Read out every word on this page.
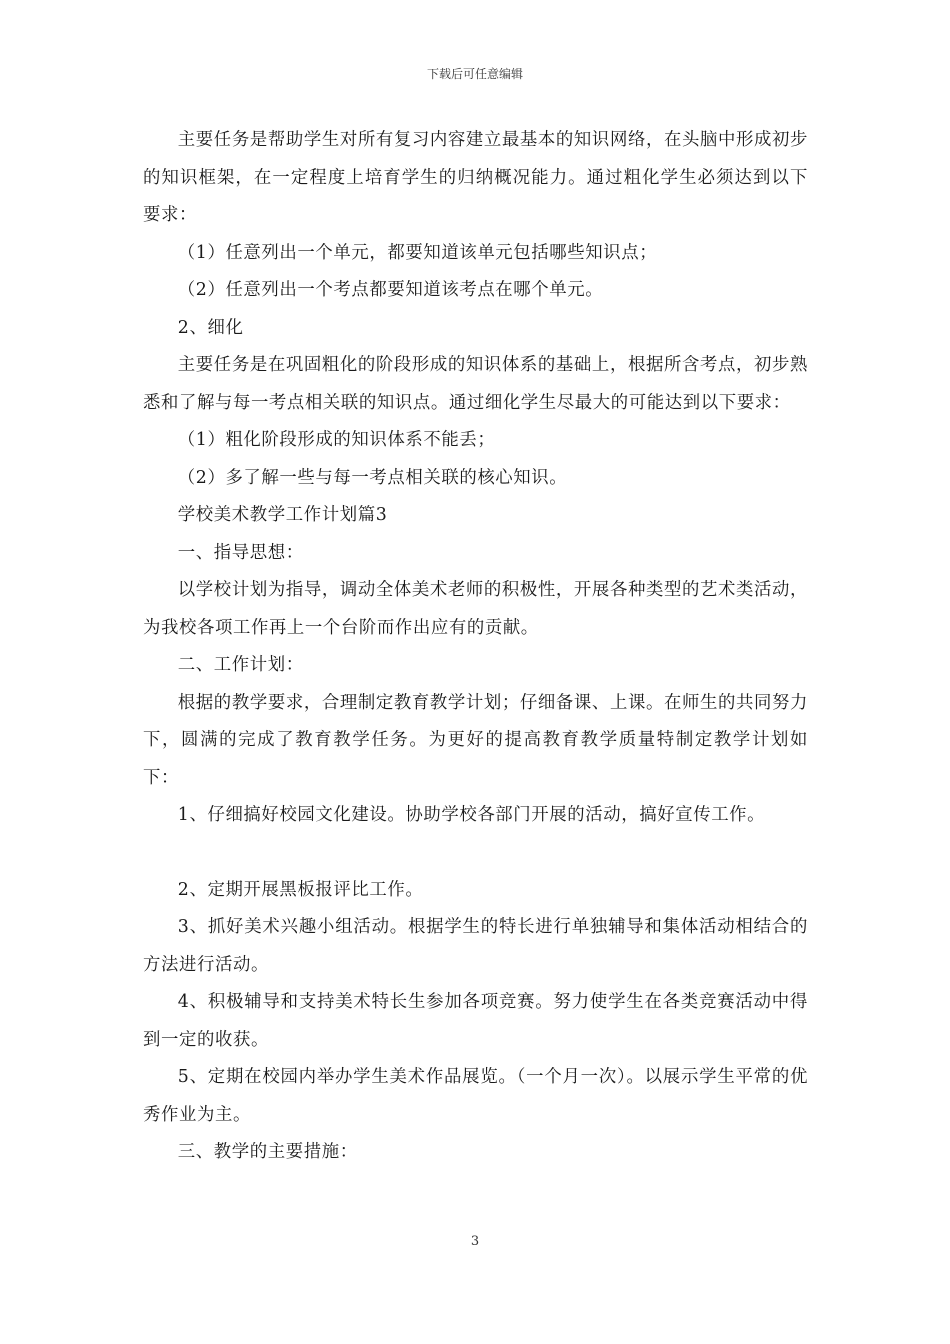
下载后可任意编辑

主要任务是帮助学生对所有复习内容建立最基本的知识网络，在头脑中形成初步的知识框架，在一定程度上培育学生的归纳概况能力。通过粗化学生必须达到以下要求：

（1）任意列出一个单元，都要知道该单元包括哪些知识点；

（2）任意列出一个考点都要知道该考点在哪个单元。

2、细化

主要任务是在巩固粗化的阶段形成的知识体系的基础上，根据所含考点，初步熟悉和了解与每一考点相关联的知识点。通过细化学生尽最大的可能达到以下要求：

（1）粗化阶段形成的知识体系不能丢；

（2）多了解一些与每一考点相关联的核心知识。

学校美术教学工作计划篇3

一、指导思想：

以学校计划为指导，调动全体美术老师的积极性，开展各种类型的艺术类活动，为我校各项工作再上一个台阶而作出应有的贡献。

二、工作计划：

根据的教学要求，合理制定教育教学计划；仔细备课、上课。在师生的共同努力下，圆满的完成了教育教学任务。为更好的提高教育教学质量特制定教学计划如下：

1、仔细搞好校园文化建设。协助学校各部门开展的活动，搞好宣传工作。

2、定期开展黑板报评比工作。

3、抓好美术兴趣小组活动。根据学生的特长进行单独辅导和集体活动相结合的方法进行活动。

4、积极辅导和支持美术特长生参加各项竞赛。努力使学生在各类竞赛活动中得到一定的收获。

5、定期在校园内举办学生美术作品展览。（一个月一次）。以展示学生平常的优秀作业为主。

三、教学的主要措施：

3
